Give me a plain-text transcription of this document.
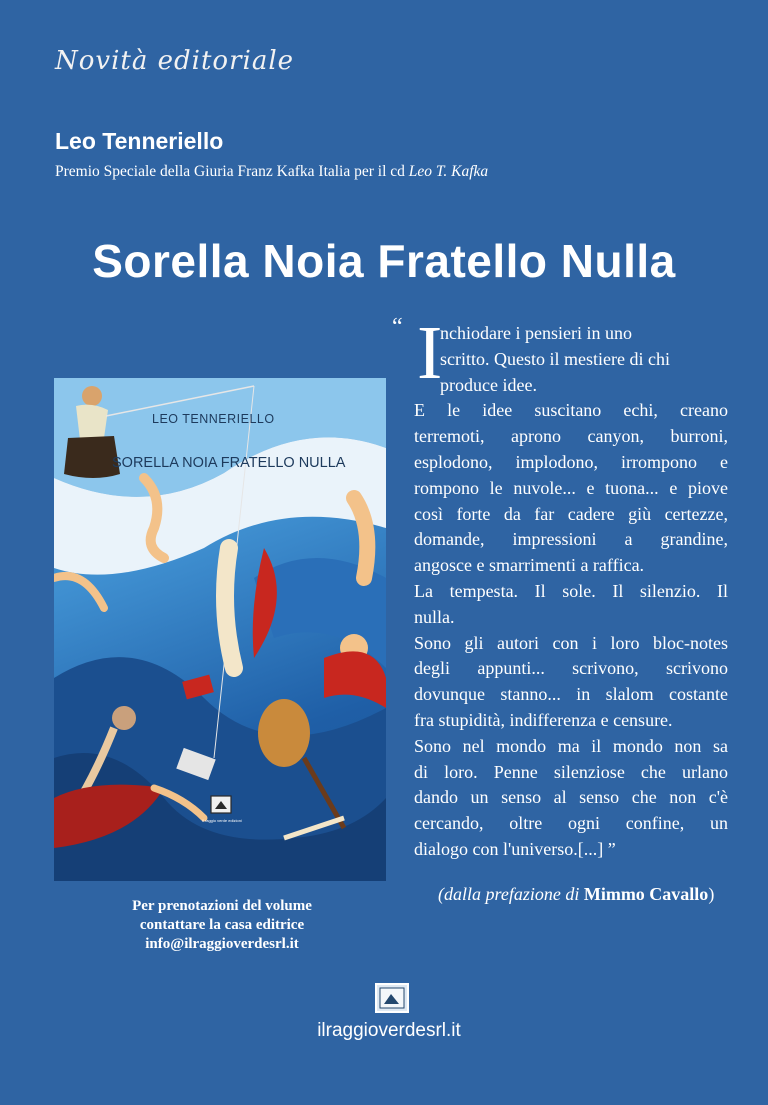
Novità editoriale
Leo Tenneriello
Premio Speciale della Giuria Franz Kafka Italia per il cd Leo T. Kafka
Sorella Noia Fratello Nulla
LEO TENNERIELLO
SORELLA NOIA FRATELLO NULLA
il raggio verde edizioni
“ I
nchiodare i pensieri in uno
scritto. Questo il mestiere di chi
produce idee.
E le idee suscitano echi, creano
terremoti, aprono canyon, burroni,
esplodono, implodono, irrompono e
rompono le nuvole... e tuona... e piove
così forte da far cadere giù certezze,
domande, impressioni a grandine,
angosce e smarrimenti a raffica.
La tempesta. Il sole. Il silenzio. Il
nulla.
Sono gli autori con i loro bloc-notes
degli appunti... scrivono, scrivono
dovunque stanno... in slalom costante
fra stupidità, indifferenza e censure.
Sono nel mondo ma il mondo non sa
di loro. Penne silenziose che urlano
dando un senso al senso che non c'è
cercando, oltre ogni confine, un
dialogo con l'universo.[...] ”
(dalla prefazione di Mimmo Cavallo)
Per prenotazioni del volume
contattare la casa editrice
info@ilraggioverdesrl.it
ilraggioverdesrl.it
